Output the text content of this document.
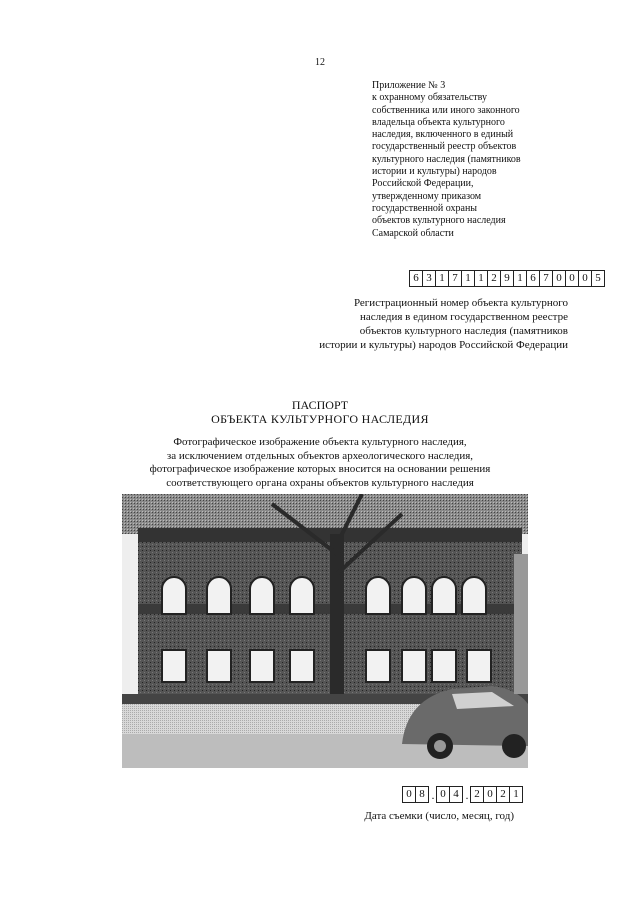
12
Приложение № 3
к охранному обязательству
собственника или иного законного
владельца объекта культурного
наследия, включенного в единый
государственный реестр объектов
культурного наследия (памятников
истории и культуры) народов
Российской Федерации,
утвержденному приказом
государственной охраны
объектов культурного наследия
Самарской области
6 3 1 7 1 1 2 9 1 6 7 0 0 0 5
Регистрационный номер объекта культурного
наследия в едином государственном реестре
объектов культурного наследия (памятников
истории и культуры) народов Российской Федерации
ПАСПОРТ
ОБЪЕКТА КУЛЬТУРНОГО НАСЛЕДИЯ
Фотографическое изображение объекта культурного наследия,
за исключением отдельных объектов археологического наследия,
фотографическое изображение которых вносится на основании решения
соответствующего органа охраны объектов культурного наследия
0 8 . 0 4 . 2 0 2 1
Дата съемки (число, месяц, год)
